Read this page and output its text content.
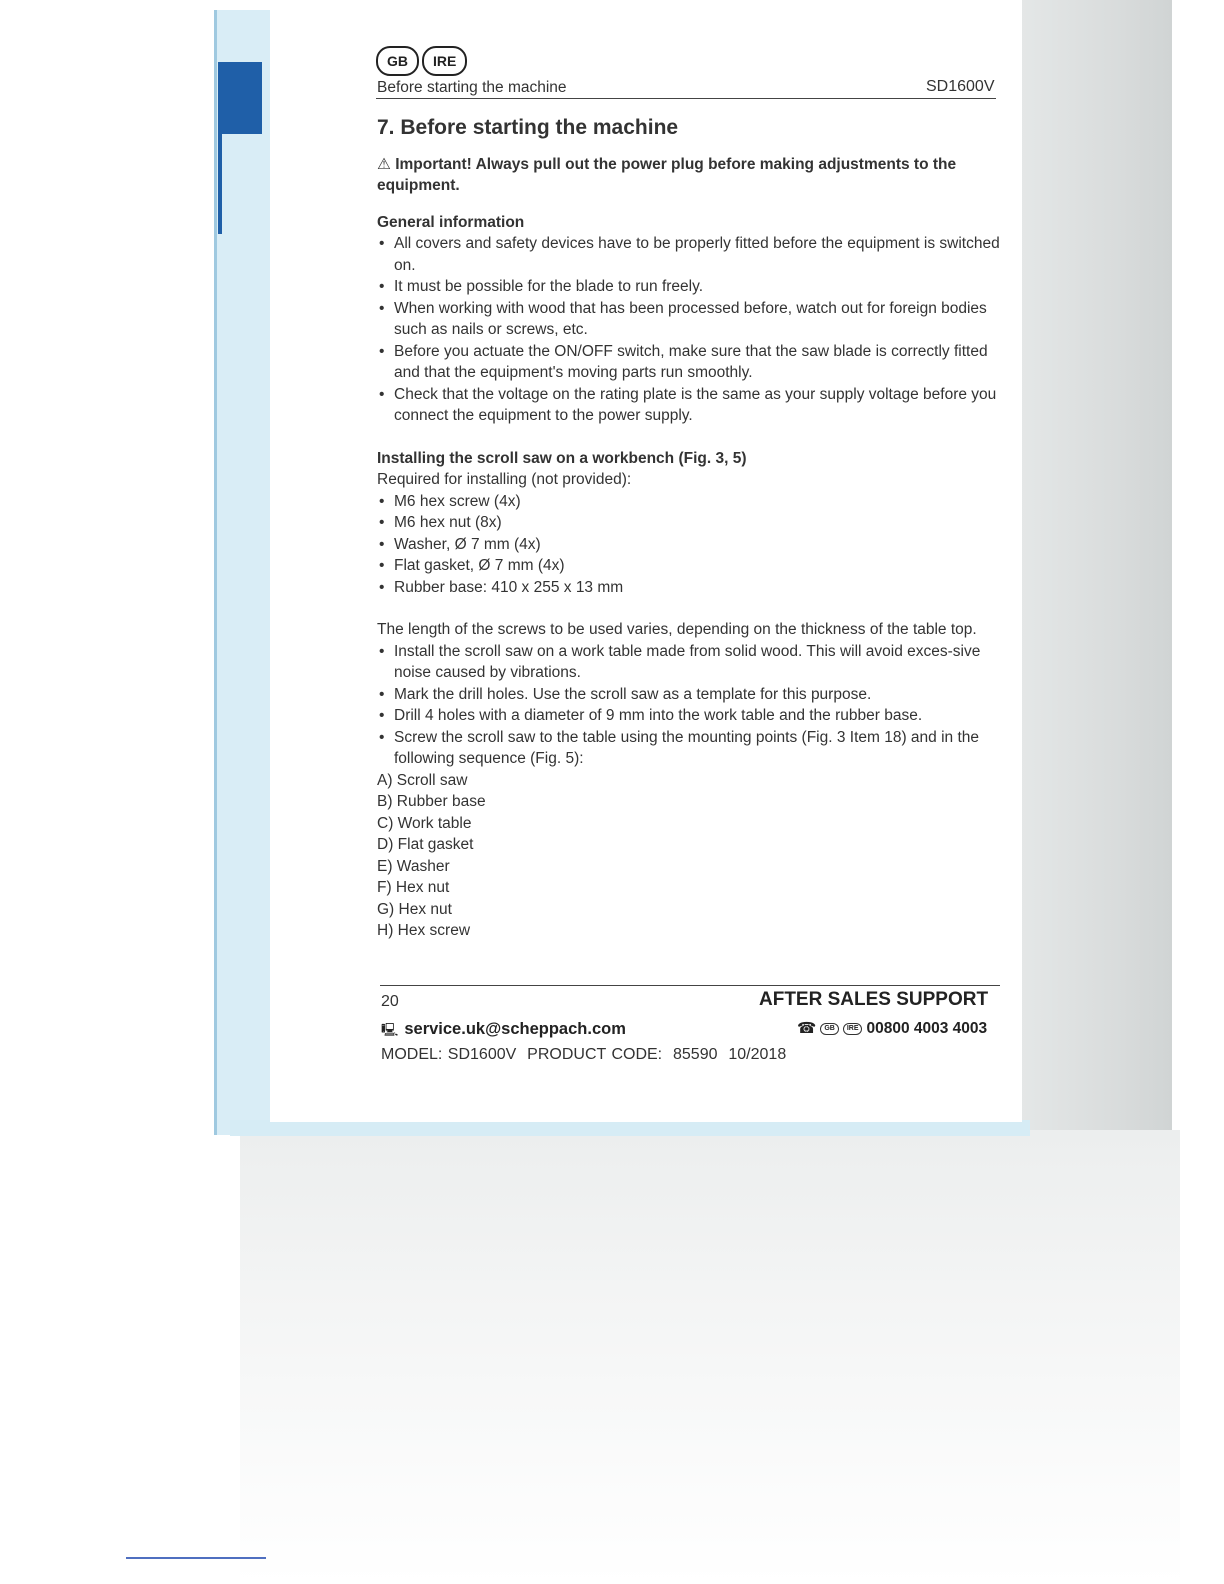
GB	IRE
Before starting the machine	SD1600V
7. Before starting the machine

⚠ Important! Always pull out the power plug before making adjustments to the equipment.

General information

• All covers and safety devices have to be properly fitted before the equipment is switched on.
• It must be possible for the blade to run freely.
• When working with wood that has been processed before, watch out for foreign bodies such as nails or screws, etc.
• Before you actuate the ON/OFF switch, make sure that the saw blade is correctly fitted and that the equipment's moving parts run smoothly.
• Check that the voltage on the rating plate is the same as your supply voltage before you connect the equipment to the power supply.

Installing the scroll saw on a workbench (Fig. 3, 5)

Required for installing (not provided):

• M6 hex screw (4x)
• M6 hex nut (8x)
• Washer, Ø 7 mm (4x)
• Flat gasket, Ø 7 mm (4x)
• Rubber base: 410 x 255 x 13 mm

The length of the screws to be used varies, depending on the thickness of the table top.

• Install the scroll saw on a work table made from solid wood. This will avoid exces-sive noise caused by vibrations.
• Mark the drill holes. Use the scroll saw as a template for this purpose.
• Drill 4 holes with a diameter of 9 mm into the work table and the rubber base.
• Screw the scroll saw to the table using the mounting points (Fig. 3 Item 18) and in the following sequence (Fig. 5):
A) Scroll saw
B) Rubber base
C) Work table
D) Flat gasket
E) Washer
F) Hex nut
G) Hex nut
H) Hex screw
20	AFTER SALES SUPPORT
🖳 service.uk@scheppach.com	☎	GB	IRE 00800 4003 4003
MODEL: SD1600V  PRODUCT CODE:  85590  10/2018
